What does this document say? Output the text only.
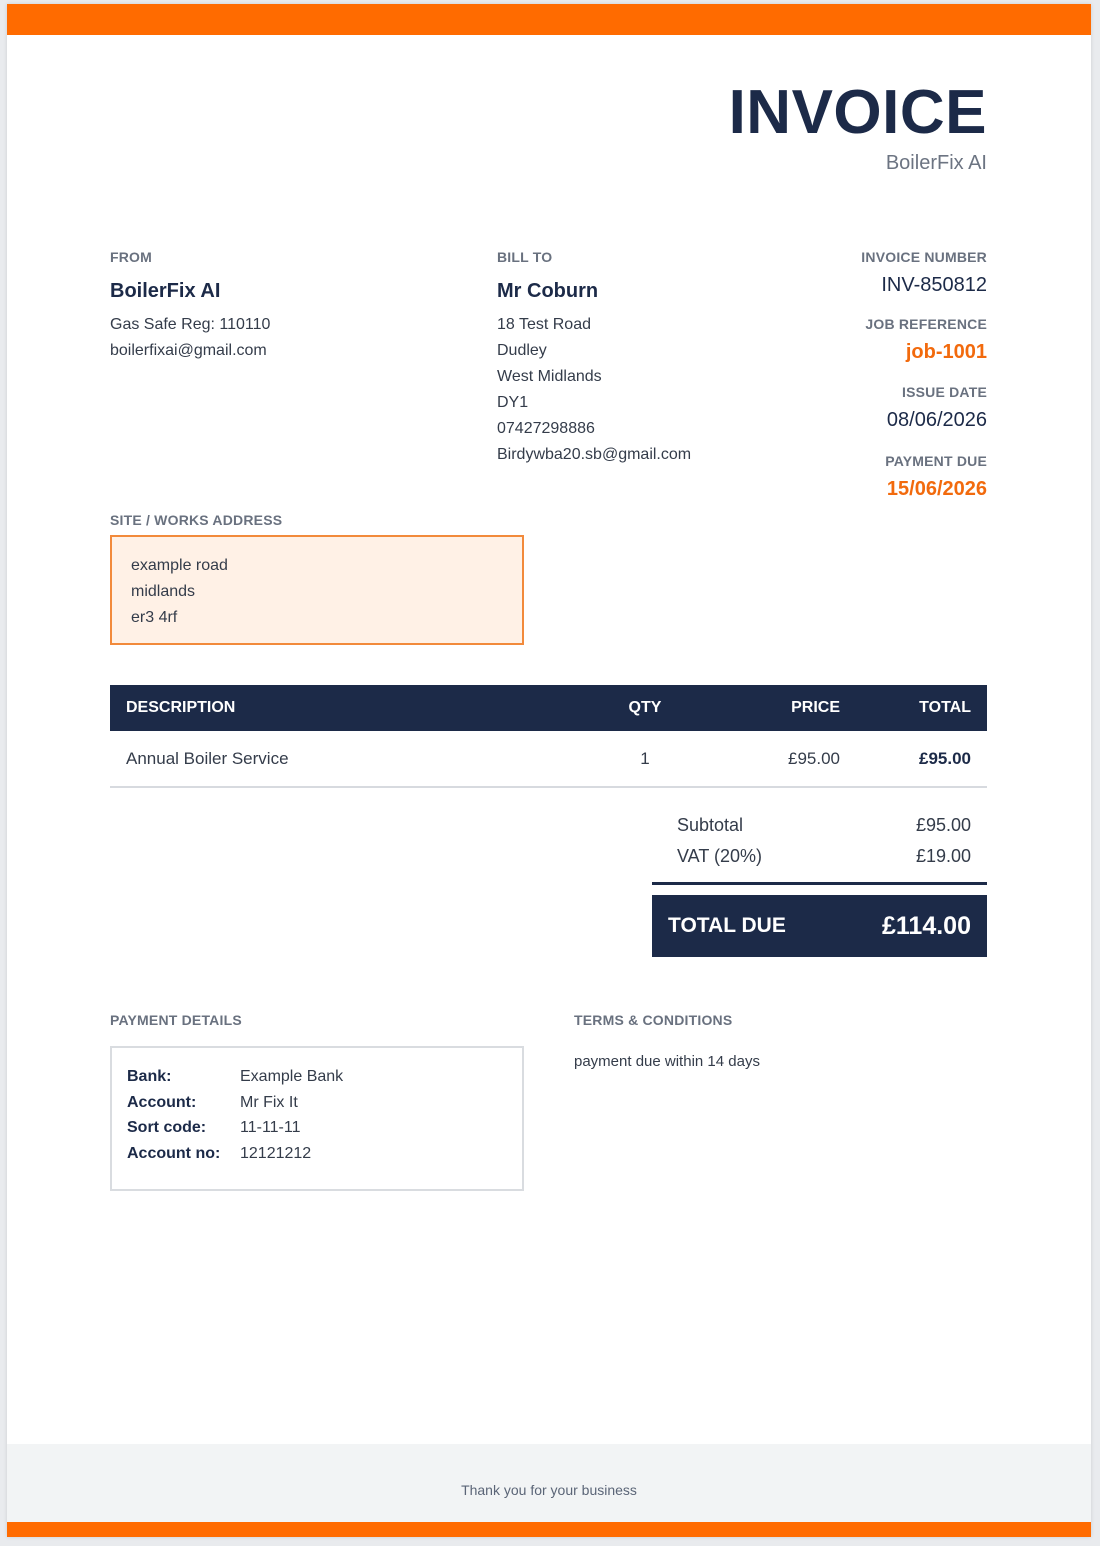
INVOICE
BoilerFix AI
FROM
BoilerFix AI
Gas Safe Reg: 110110
boilerfixai@gmail.com
BILL TO
Mr Coburn
18 Test Road
Dudley
West Midlands
DY1
07427298886
Birdywba20.sb@gmail.com
INVOICE NUMBER
INV-850812
JOB REFERENCE
job-1001
ISSUE DATE
08/06/2026
PAYMENT DUE
15/06/2026
SITE / WORKS ADDRESS
example road
midlands
er3 4rf
DESCRIPTION	QTY	PRICE	TOTAL
Annual Boiler Service	1	£95.00	£95.00
Subtotal	£95.00
VAT (20%)	£19.00
TOTAL DUE	£114.00
PAYMENT DETAILS
Bank:	Example Bank
Account:	Mr Fix It
Sort code:	11-11-11
Account no:	12121212
TERMS & CONDITIONS
payment due within 14 days
Thank you for your business
